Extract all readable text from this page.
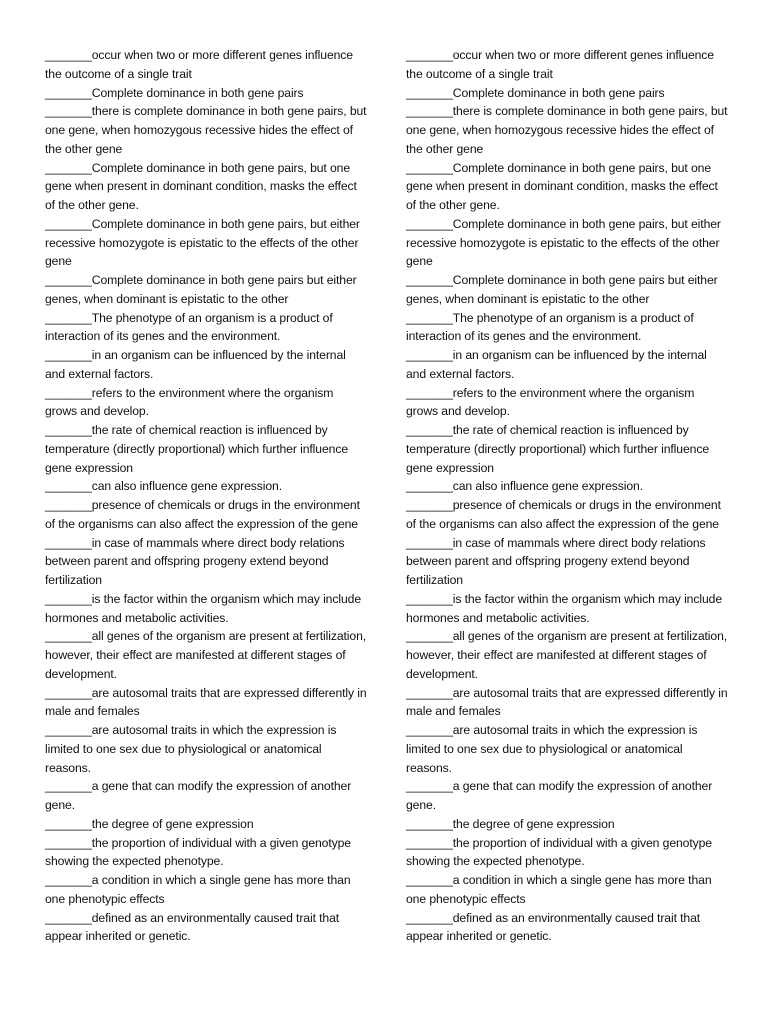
_______occur when two or more different genes influence the outcome of a single trait

_______Complete dominance in both gene pairs

_______there is complete dominance in both gene pairs, but one gene, when homozygous recessive hides the effect of the other gene

_______Complete dominance in both gene pairs, but one gene when present in dominant condition, masks the effect of the other gene.

_______Complete dominance in both gene pairs, but either recessive homozygote is epistatic to the effects of the other gene

_______Complete dominance in both gene pairs but either genes, when dominant is epistatic to the other

_______The phenotype of an organism is a product of interaction of its genes and the environment.

_______in an organism can be influenced by the internal and external factors.

_______refers to the environment where the organism grows and develop.

_______the rate of chemical reaction is influenced by temperature (directly proportional) which further influence gene expression

_______can also influence gene expression.

_______presence of chemicals or drugs in the environment of the organisms can also affect the expression of the gene

_______in case of mammals where direct body relations between parent and offspring progeny extend beyond fertilization

_______is the factor within the organism which may include hormones and metabolic activities.

_______all genes of the organism are present at fertilization, however, their effect are manifested at different stages of development.

_______are autosomal traits that are expressed differently in male and females

_______are autosomal traits in which the expression is limited to one sex due to physiological or anatomical reasons.

_______a gene that can modify the expression of another gene.

_______the degree of gene expression

_______the proportion of individual with a given genotype showing the expected phenotype.

_______a condition in which a single gene has more than one phenotypic effects

_______defined as an environmentally caused trait that appear inherited or genetic.

_______occur when two or more different genes influence the outcome of a single trait

_______Complete dominance in both gene pairs

_______there is complete dominance in both gene pairs, but one gene, when homozygous recessive hides the effect of the other gene

_______Complete dominance in both gene pairs, but one gene when present in dominant condition, masks the effect of the other gene.

_______Complete dominance in both gene pairs, but either recessive homozygote is epistatic to the effects of the other gene

_______Complete dominance in both gene pairs but either genes, when dominant is epistatic to the other

_______The phenotype of an organism is a product of interaction of its genes and the environment.

_______in an organism can be influenced by the internal and external factors.

_______refers to the environment where the organism grows and develop.

_______the rate of chemical reaction is influenced by temperature (directly proportional) which further influence gene expression

_______can also influence gene expression.

_______presence of chemicals or drugs in the environment of the organisms can also affect the expression of the gene

_______in case of mammals where direct body relations between parent and offspring progeny extend beyond fertilization

_______is the factor within the organism which may include hormones and metabolic activities.

_______all genes of the organism are present at fertilization, however, their effect are manifested at different stages of development.

_______are autosomal traits that are expressed differently in male and females

_______are autosomal traits in which the expression is limited to one sex due to physiological or anatomical reasons.

_______a gene that can modify the expression of another gene.

_______the degree of gene expression

_______the proportion of individual with a given genotype showing the expected phenotype.

_______a condition in which a single gene has more than one phenotypic effects

_______defined as an environmentally caused trait that appear inherited or genetic.
